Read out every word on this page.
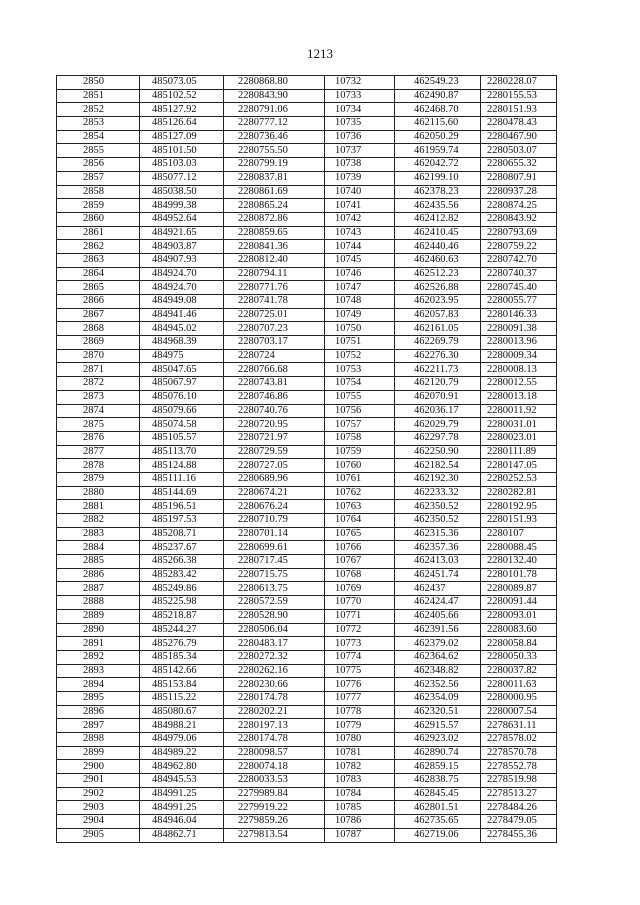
1213
2850	485073.05	2280868.80	10732	462549.23	2280228.07
2851	485102.52	2280843.90	10733	462490.87	2280155.53
2852	485127.92	2280791.06	10734	462468.70	2280151.93
2853	485126.64	2280777.12	10735	462115.60	2280478.43
2854	485127.09	2280736.46	10736	462050.29	2280467.90
2855	485101.50	2280755.50	10737	461959.74	2280503.07
2856	485103.03	2280799.19	10738	462042.72	2280655.32
2857	485077.12	2280837.81	10739	462199.10	2280807.91
2858	485038.50	2280861.69	10740	462378.23	2280937.28
2859	484999.38	2280865.24	10741	462435.56	2280874.25
2860	484952.64	2280872.86	10742	462412.82	2280843.92
2861	484921.65	2280859.65	10743	462410.45	2280793.69
2862	484903.87	2280841.36	10744	462440.46	2280759.22
2863	484907.93	2280812.40	10745	462460.63	2280742.70
2864	484924.70	2280794.11	10746	462512.23	2280740.37
2865	484924.70	2280771.76	10747	462526.88	2280745.40
2866	484949.08	2280741.78	10748	462023.95	2280055.77
2867	484941.46	2280725.01	10749	462057.83	2280146.33
2868	484945.02	2280707.23	10750	462161.05	2280091.38
2869	484968.39	2280703.17	10751	462269.79	2280013.96
2870	484975	2280724	10752	462276.30	2280009.34
2871	485047.65	2280766.68	10753	462211.73	2280008.13
2872	485067.97	2280743.81	10754	462120.79	2280012.55
2873	485076.10	2280746.86	10755	462070.91	2280013.18
2874	485079.66	2280740.76	10756	462036.17	2280011.92
2875	485074.58	2280720.95	10757	462029.79	2280031.01
2876	485105.57	2280721.97	10758	462297.78	2280023.01
2877	485113.70	2280729.59	10759	462250.90	2280111.89
2878	485124.88	2280727.05	10760	462182.54	2280147.05
2879	485111.16	2280689.96	10761	462192.30	2280252.53
2880	485144.69	2280674.21	10762	462233.32	2280282.81
2881	485196.51	2280676.24	10763	462350.52	2280192.95
2882	485197.53	2280710.79	10764	462350.52	2280151.93
2883	485208.71	2280701.14	10765	462315.36	2280107
2884	485237.67	2280699.61	10766	462357.36	2280088.45
2885	485266.38	2280717.45	10767	462413.03	2280132.40
2886	485283.42	2280715.75	10768	462451.74	2280101.78
2887	485249.86	2280613.75	10769	462437	2280089.87
2888	485225.98	2280572.59	10770	462424.47	2280091.44
2889	485218.87	2280528.90	10771	462405.66	2280093.01
2890	485244.27	2280506.04	10772	462391.56	2280083.60
2891	485276.79	2280483.17	10773	462379.02	2280058.84
2892	485185.34	2280272.32	10774	462364.62	2280050.33
2893	485142.66	2280262.16	10775	462348.82	2280037.82
2894	485153.84	2280230.66	10776	462352.56	2280011.63
2895	485115.22	2280174.78	10777	462354.09	2280000.95
2896	485080.67	2280202.21	10778	462320.51	2280007.54
2897	484988.21	2280197.13	10779	462915.57	2278631.11
2898	484979.06	2280174.78	10780	462923.02	2278578.02
2899	484989.22	2280098.57	10781	462890.74	2278570.78
2900	484962.80	2280074.18	10782	462859.15	2278552.78
2901	484945.53	2280033.53	10783	462838.75	2278519.98
2902	484991.25	2279989.84	10784	462845.45	2278513.27
2903	484991.25	2279919.22	10785	462801.51	2278484.26
2904	484946.04	2279859.26	10786	462735.65	2278479.05
2905	484862.71	2279813.54	10787	462719.06	2278455.36
